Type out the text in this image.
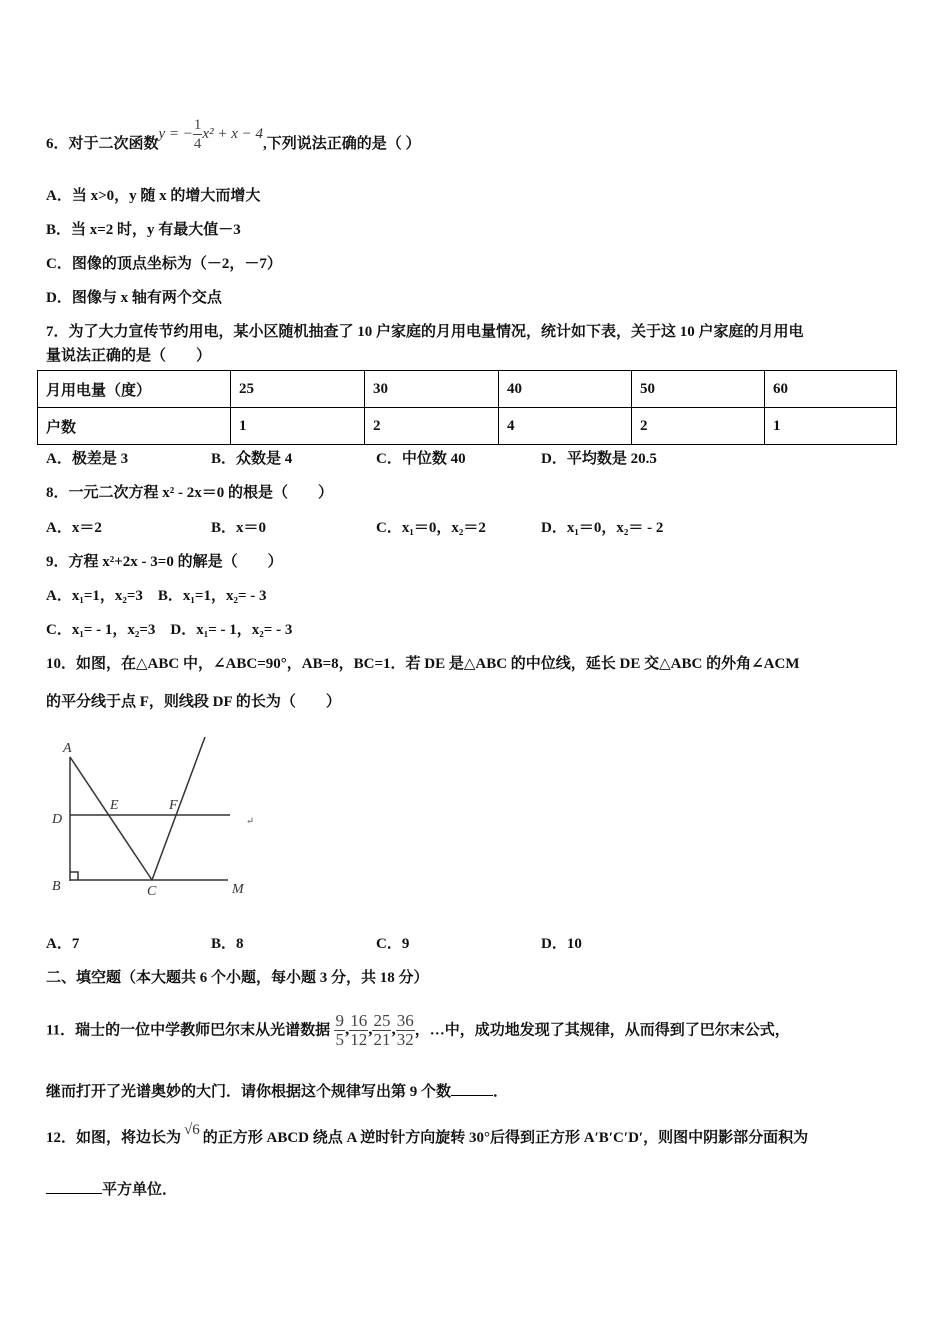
6．对于二次函数y = − $\frac{1}{4} x^2 + x - 4$,下列说法正确的是（ ）
A．当 x>0，y 随 x 的增大而增大
B．当 x=2 时，y 有最大值－3
C．图像的顶点坐标为（－2，－7）
D．图像与 x 轴有两个交点
7．为了大力宣传节约用电，某小区随机抽查了 10 户家庭的月用电量情况，统计如下表，关于这 10 户家庭的月用电
量说法正确的是（　　）
月用电量（度）	25	30	40	50	60
户数	1	2	4	2	1
A．极差是 3	B．众数是 4	C．中位数 40	D．平均数是 20.5
8．一元二次方程 x² - 2x＝0 的根是（　　）
A．x＝2	B．x＝0	C．x₁＝0，x₂＝2	D．x₁＝0，x₂＝ - 2
9．方程 x²+2x - 3=0 的解是（　　）
A．x₁=1，x₂=3　B．x₁=1，x₂= - 3
C．x₁= - 1，x₂=3　D．x₁= - 1，x₂= - 3
10．如图，在△ABC 中，∠ABC=90°，AB=8，BC=1．若 DE 是△ABC 的中位线，延长 DE 交△ABC 的外角∠ACM
的平分线于点 F，则线段 DF 的长为（　　）
A
D
B
E	F
C	M
↵
A．7	B．8	C．9	D．10
二、填空题（本大题共 6 个小题，每小题 3 分，共 18 分）
11．瑞士的一位中学教师巴尔末从光谱数据 $\frac{9}{5}$ , $\frac{16}{12}$ , $\frac{25}{21}$ , $\frac{36}{32}$ ，…中，成功地发现了其规律，从而得到了巴尔末公式，
继而打开了光谱奥妙的大门．请你根据这个规律写出第 9 个数	．
12．如图，将边长为 √6 的正方形 ABCD 绕点 A 逆时针方向旋转 30°后得到正方形 A′B′C′D′，则图中阴影部分面积为
平方单位．
